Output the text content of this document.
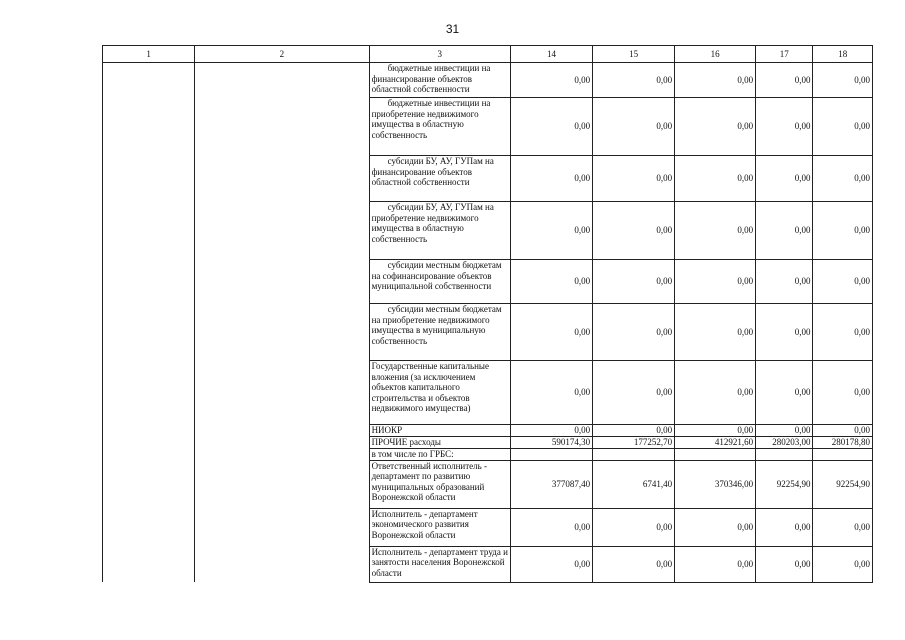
31
1	2	3	14	15	16	17	18
		бюджетные инвестиции на финансирование объектов областной собственности	0,00	0,00	0,00	0,00	0,00
		бюджетные инвестиции на приобретение недвижимого имущества в областную собственность	0,00	0,00	0,00	0,00	0,00
		субсидии БУ, АУ, ГУПам на финансирование объектов областной собственности	0,00	0,00	0,00	0,00	0,00
		субсидии БУ, АУ, ГУПам на приобретение недвижимого имущества в областную собственность	0,00	0,00	0,00	0,00	0,00
		субсидии местным бюджетам на софинансирование объектов муниципальной собственности	0,00	0,00	0,00	0,00	0,00
		субсидии местным бюджетам на приобретение недвижимого имущества в муниципальную собственность	0,00	0,00	0,00	0,00	0,00
		Государственные капитальные вложения (за исключением объектов капитального строительства и объектов недвижимого имущества)	0,00	0,00	0,00	0,00	0,00
		НИОКР	0,00	0,00	0,00	0,00	0,00
		ПРОЧИЕ расходы	590174,30	177252,70	412921,60	280203,00	280178,80
		в том числе по ГРБС:					
		Ответственный исполнитель - департамент по развитию муниципальных образований Воронежской области	377087,40	6741,40	370346,00	92254,90	92254,90
		Исполнитель - департамент экономического развития Воронежской области	0,00	0,00	0,00	0,00	0,00
		Исполнитель - департамент труда и занятости населения Воронежской области	0,00	0,00	0,00	0,00	0,00
